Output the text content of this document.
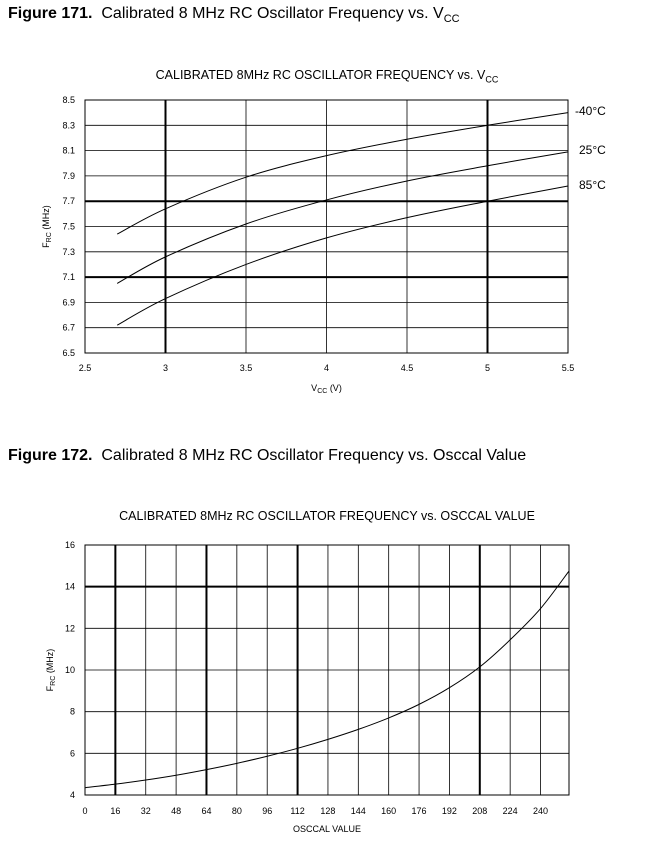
Figure 171. Calibrated 8 MHz RC Oscillator Frequency vs. $V_{CC}$
CALIBRATED 8MHz RC OSCILLATOR FREQUENCY vs. $V_{CC}$
2.5	3	3.5	4	4.5	5	5.5
6.5
6.7
6.9
7.1
7.3
7.5
7.7
7.9
8.1
8.3
8.5
-40°C
25°C
85°C
$V_{CC}$ (V)
$F_{RC}$ (MHz)
Figure 172. Calibrated 8 MHz RC Oscillator Frequency vs. Osccal Value
CALIBRATED 8MHz RC OSCILLATOR FREQUENCY vs. OSCCAL VALUE
0	16 32 48 64 80 96 112 128 144 160 176 192 208 224 240
4
6
8
10
12
14
16
OSCCAL VALUE
$F_{RC}$ (MHz)
